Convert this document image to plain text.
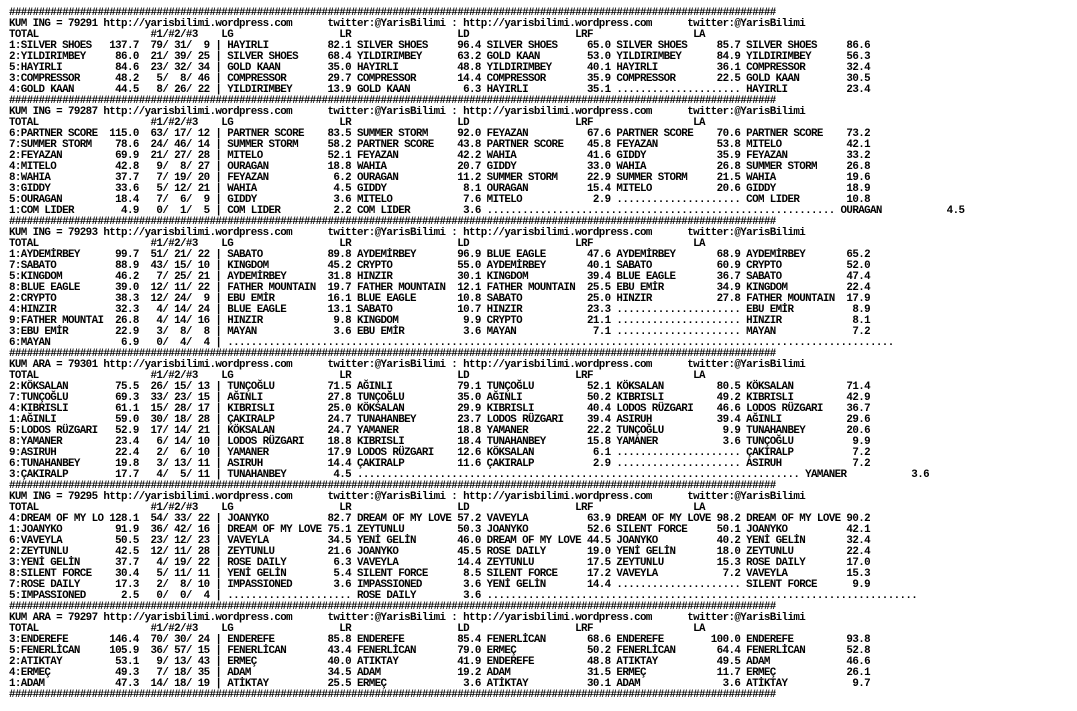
##################################################################################################################################
KUM ING = 79291 http://yarisbilimi.wordpress.com      twitter:@YarisBilimi : http://yarisbilimi.wordpress.com      twitter:@YarisBilimi
TOTAL                   #1/#2/#3    LG                  LR                  LD                  LRF                 LA
1:SILVER SHOES   137.7  79/ 31/  9 | HAYIRLI          82.1 SILVER SHOES     96.4 SILVER SHOES     65.0 SILVER SHOES     85.7 SILVER SHOES     86.6
2:YILDIRIMBEY     86.0  21/ 39/ 25 | SILVER SHOES     68.4 YILDIRIMBEY      63.2 GOLD KAAN        53.0 YILDIRIMBEY      84.9 YILDIRIMBEY      56.3
5:HAYIRLI         84.6  23/ 32/ 34 | GOLD KAAN        35.0 HAYIRLI          48.8 YILDIRIMBEY      40.1 HAYIRLI          36.1 COMPRESSOR       32.4
3:COMPRESSOR      48.2   5/  8/ 46 | COMPRESSOR       29.7 COMPRESSOR       14.4 COMPRESSOR       35.9 COMPRESSOR       22.5 GOLD KAAN        30.5
4:GOLD KAAN       44.5   8/ 26/ 22 | YILDIRIMBEY      13.9 GOLD KAAN         6.3 HAYIRLI          35.1 ..................... HAYIRLI          23.4
##################################################################################################################################
KUM ING = 79287 http://yarisbilimi.wordpress.com      twitter:@YarisBilimi : http://yarisbilimi.wordpress.com      twitter:@YarisBilimi
TOTAL                   #1/#2/#3    LG                  LR                  LD                  LRF                 LA
6:PARTNER SCORE  115.0  63/ 17/ 12 | PARTNER SCORE    83.5 SUMMER STORM     92.0 FEYAZAN          67.6 PARTNER SCORE    70.6 PARTNER SCORE    73.2
7:SUMMER STORM    78.6  24/ 46/ 14 | SUMMER STORM     58.2 PARTNER SCORE    43.8 PARTNER SCORE    45.8 FEYAZAN          53.8 MITELO           42.1
2:FEYAZAN         69.9  21/ 27/ 28 | MITELO           52.1 FEYAZAN          42.2 WAHIA            41.6 GIDDY            35.9 FEYAZAN          33.2
4:MITELO          42.8   9/  8/ 27 | OURAGAN          18.8 WAHIA            20.7 GIDDY            33.0 WAHIA            26.8 SUMMER STORM     26.8
8:WAHIA           37.7   7/ 19/ 20 | FEYAZAN           6.2 OURAGAN          11.2 SUMMER STORM     22.9 SUMMER STORM     21.5 WAHIA            19.6
3:GIDDY           33.6   5/ 12/ 21 | WAHIA             4.5 GIDDY             8.1 OURAGAN          15.4 MITELO           20.6 GIDDY            18.9
5:OURAGAN         18.4   7/  6/  9 | GIDDY             3.6 MITELO            7.6 MITELO            2.9 ..................... COM LIDER        10.8
1:COM LIDER        4.9   0/  1/  5 | COM LIDER         2.2 COM LIDER         3.6 ........................................................... OURAGAN           4.5
##################################################################################################################################
KUM ING = 79293 http://yarisbilimi.wordpress.com      twitter:@YarisBilimi : http://yarisbilimi.wordpress.com      twitter:@YarisBilimi
TOTAL                   #1/#2/#3    LG                  LR                  LD                  LRF                 LA
1:AYDEMİRBEY      99.7  51/ 21/ 22 | SABATO           89.8 AYDEMİRBEY       96.9 BLUE EAGLE       47.6 AYDEMİRBEY       68.9 AYDEMİRBEY       65.2
7:SABATO          88.9  43/ 15/ 10 | KINGDOM          45.2 CRYPTO           55.0 AYDEMİRBEY       40.1 SABATO           60.9 CRYPTO           52.0
5:KINGDOM         46.2   7/ 25/ 21 | AYDEMİRBEY       31.8 HINZIR           30.1 KINGDOM          39.4 BLUE EAGLE       36.7 SABATO           47.4
8:BLUE EAGLE      39.0  12/ 11/ 22 | FATHER MOUNTAIN  19.7 FATHER MOUNTAIN  12.1 FATHER MOUNTAIN  25.5 EBU EMİR         34.9 KINGDOM          22.4
2:CRYPTO          38.3  12/ 24/  9 | EBU EMİR         16.1 BLUE EAGLE       10.8 SABATO           25.0 HINZIR           27.8 FATHER MOUNTAIN  17.9
4:HINZIR          32.3   4/ 14/ 24 | BLUE EAGLE       13.1 SABATO           10.7 HINZIR           23.3 ..................... EBU EMİR          8.9
9:FATHER MOUNTAI  26.8   4/ 14/ 16 | HINZIR            9.8 KINGDOM           9.9 CRYPTO           21.1 ..................... HINZIR            8.1
3:EBU EMİR        22.9   3/  8/  8 | MAYAN             3.6 EBU EMİR          3.6 MAYAN             7.1 ..................... MAYAN             7.2
6:MAYAN            6.9   0/  4/  4 | .................................................................................................................
##################################################################################################################################
KUM ARA = 79301 http://yarisbilimi.wordpress.com      twitter:@YarisBilimi : http://yarisbilimi.wordpress.com      twitter:@YarisBilimi
TOTAL                   #1/#2/#3    LG                  LR                  LD                  LRF                 LA
2:KÖKSALAN        75.5  26/ 15/ 13 | TUNÇOĞLU         71.5 AĞINLI           79.1 TUNÇOĞLU         52.1 KÖKSALAN         80.5 KÖKSALAN         71.4
7:TUNÇOĞLU        69.3  33/ 23/ 15 | AĞINLI           27.8 TUNÇOĞLU         35.0 AĞINLI           50.2 KIBRISLI         49.2 KIBRISLI         42.9
4:KIBRISLI        61.1  15/ 28/ 17 | KIBRISLI         25.0 KÖKSALAN         29.9 KIBRISLI         40.4 LODOS RÜZGARI    46.6 LODOS RÜZGARI    36.7
1:AĞINLI          59.0  30/ 18/ 28 | ÇAKIRALP         24.7 TUNAHANBEY       23.7 LODOS RÜZGARI    39.4 ASIRUH           39.4 AĞINLI           29.6
5:LODOS RÜZGARI   52.9  17/ 14/ 21 | KÖKSALAN         24.7 YAMANER          18.8 YAMANER          22.2 TUNÇOĞLU          9.9 TUNAHANBEY       20.6
8:YAMANER         23.4   6/ 14/ 10 | LODOS RÜZGARI    18.8 KIBRISLI         18.4 TUNAHANBEY       15.8 YAMANER           3.6 TUNÇOĞLU          9.9
9:ASIRUH          22.4   2/  6/ 10 | YAMANER          17.9 LODOS RÜZGARI    12.6 KÖKSALAN          6.1 ..................... ÇAKIRALP          7.2
6:TUNAHANBEY      19.8   3/ 13/ 11 | ASIRUH           14.4 ÇAKIRALP         11.6 ÇAKIRALP          2.9 ..................... ASIRUH            7.2
3:ÇAKIRALP        17.7   4/  5/ 11 | TUNAHANBEY        4.5 ........................................................................... YAMANER           3.6
##################################################################################################################################
KUM ING = 79295 http://yarisbilimi.wordpress.com      twitter:@YarisBilimi : http://yarisbilimi.wordpress.com      twitter:@YarisBilimi
TOTAL                   #1/#2/#3    LG                  LR                  LD                  LRF                 LA
4:DREAM OF MY LO 128.1  54/ 33/ 22 | JOANYKO          82.7 DREAM OF MY LOVE 57.2 VAVEYLA          63.9 DREAM OF MY LOVE 98.2 DREAM OF MY LOVE 90.2
1:JOANYKO         91.9  36/ 42/ 16 | DREAM OF MY LOVE 75.1 ZEYTUNLU         50.3 JOANYKO          52.6 SILENT FORCE     50.1 JOANYKO          42.1
6:VAVEYLA         50.5  23/ 12/ 23 | VAVEYLA          34.5 YENİ GELİN       46.0 DREAM OF MY LOVE 44.5 JOANYKO          40.2 YENİ GELİN       32.4
2:ZEYTUNLU        42.5  12/ 11/ 28 | ZEYTUNLU         21.6 JOANYKO          45.5 ROSE DAILY       19.0 YENİ GELİN       18.0 ZEYTUNLU         22.4
3:YENİ GELİN      37.7   4/ 19/ 22 | ROSE DAILY        6.3 VAVEYLA          14.4 ZEYTUNLU         17.5 ZEYTUNLU         15.3 ROSE DAILY       17.0
8:SILENT FORCE    30.4   5/ 11/ 11 | YENİ GELİN        5.4 SILENT FORCE      8.5 SILENT FORCE     17.2 VAVEYLA           7.2 VAVEYLA          15.3
7:ROSE DAILY      17.3   2/  8/ 10 | IMPASSIONED       3.6 IMPASSIONED       3.6 YENİ GELİN       14.4 ..................... SILENT FORCE      9.9
5:IMPASSIONED      2.5   0/  0/  4 | ..................... ROSE DAILY        3.6 .........................................................................
##################################################################################################################################
KUM ARA = 79297 http://yarisbilimi.wordpress.com      twitter:@YarisBilimi : http://yarisbilimi.wordpress.com      twitter:@YarisBilimi
TOTAL                   #1/#2/#3    LG                  LR                  LD                  LRF                 LA
3:ENDEREFE       146.4  70/ 30/ 24 | ENDEREFE         85.8 ENDEREFE         85.4 FENERLİCAN       68.6 ENDEREFE        100.0 ENDEREFE         93.8
5:FENERLİCAN     105.9  36/ 57/ 15 | FENERLİCAN       43.4 FENERLİCAN       79.0 ERMEÇ            50.2 FENERLİCAN       64.4 FENERLİCAN       52.8
2:ATIKTAY         53.1   9/ 13/ 43 | ERMEÇ            40.0 ATIKTAY          41.9 ENDEREFE         48.8 ATIKTAY          49.5 ADAM             46.6
4:ERMEÇ           49.3   7/ 18/ 35 | ADAM             34.5 ADAM             19.2 ADAM             31.5 ERMEÇ            11.7 ERMEÇ            26.1
1:ADAM            47.3  14/ 18/ 19 | ATİKTAY          25.5 ERMEÇ             3.6 ATİKTAY          30.1 ADAM              3.6 ATİKTAY           9.7
##################################################################################################################################
